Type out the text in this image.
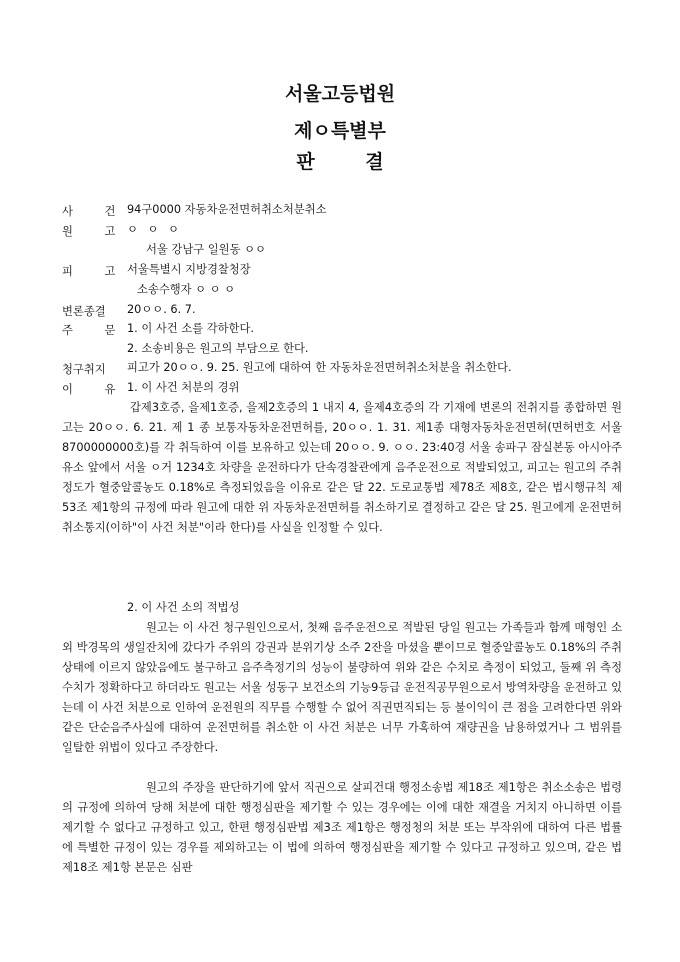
서울고등법원
제ㅇ특별부
판 결
사 건
94구0000 자동차운전면허취소처분취소
원 고
ㅇ ㅇ ㅇ
서울 강남구 일원동 ㅇㅇ
피 고
서울특별시 지방경찰청장
소송수행자 ㅇ ㅇ ㅇ
변론종결 20ㅇㅇ. 6. 7.
주 문
1. 이 사건 소를 각하한다.
2. 소송비용은 원고의 부담으로 한다.
청구취지 피고가 20ㅇㅇ. 9. 25. 원고에 대하여 한 자동차운전면허취소처분을 취소한다.
이 유
1. 이 사건 처분의 경위
갑제3호증, 을제1호증, 을제2호증의 1 내지 4, 을제4호증의 각 기재에 변론의 전취지를 종합하면 원고는 20ㅇㅇ. 6. 21. 제 1 종 보통자동차운전면허를, 20ㅇㅇ. 1. 31. 제1종 대형자동차운전면허(면허번호 서울 8700000000호)를 각 취득하여 이를 보유하고 있는데 20ㅇㅇ. 9. ㅇㅇ. 23:40경 서울 송파구 잠실본동 아시아주유소 앞에서 서울 ㅇ거 1234호 차량을 운전하다가 단속경찰관에게 음주운전으로 적발되었고, 피고는 원고의 주취정도가 혈중알콜농도 0.18%로 측정되었음을 이유로 같은 달 22. 도로교통법 제78조 제8호, 같은 법시행규칙 제53조 제1항의 규정에 따라 원고에 대한 위 자동차운전면허를 취소하기로 결정하고 같은 달 25. 원고에게 운전면허취소통지(이하"이 사건 처분"이라 한다)를 사실을 인정할 수 있다.
2. 이 사건 소의 적법성
원고는 이 사건 청구원인으로서, 첫째 음주운전으로 적발된 당일 원고는 가족들과 함께 매형인 소외 박경목의 생일잔치에 갔다가 주위의 강권과 분위기상 소주 2잔을 마셨을 뿐이므로 혈중알콜농도 0.18%의 주취상태에 이르지 않았음에도 불구하고 음주측정기의 성능이 불량하여 위와 같은 수치로 측정이 되었고, 둘째 위 측정수치가 정확하다고 하더라도 원고는 서울 성동구 보건소의 기능9등급 운전직공무원으로서 방역차량을 운전하고 있는데 이 사건 처분으로 인하여 운전원의 직무를 수행할 수 없어 직권면직되는 등 불이익이 큰 점을 고려한다면 위와 같은 단순음주사실에 대하여 운전면허를 취소한 이 사건 처분은 너무 가혹하여 재량권을 남용하였거나 그 범위를 일탈한 위법이 있다고 주장한다.
원고의 주장을 판단하기에 앞서 직권으로 살피건대 행정소송법 제18조 제1항은 취소소송은 법령의 규정에 의하여 당해 처분에 대한 행정심판을 제기할 수 있는 경우에는 이에 대한 재결을 거치지 아니하면 이를 제기할 수 없다고 규정하고 있고, 한편 행정심판법 제3조 제1항은 행정청의 처분 또는 부작위에 대하여 다른 법률에 특별한 규정이 있는 경우를 제외하고는 이 법에 의하여 행정심판을 제기할 수 있다고 규정하고 있으며, 같은 법 제18조 제1항 본문은 심판
